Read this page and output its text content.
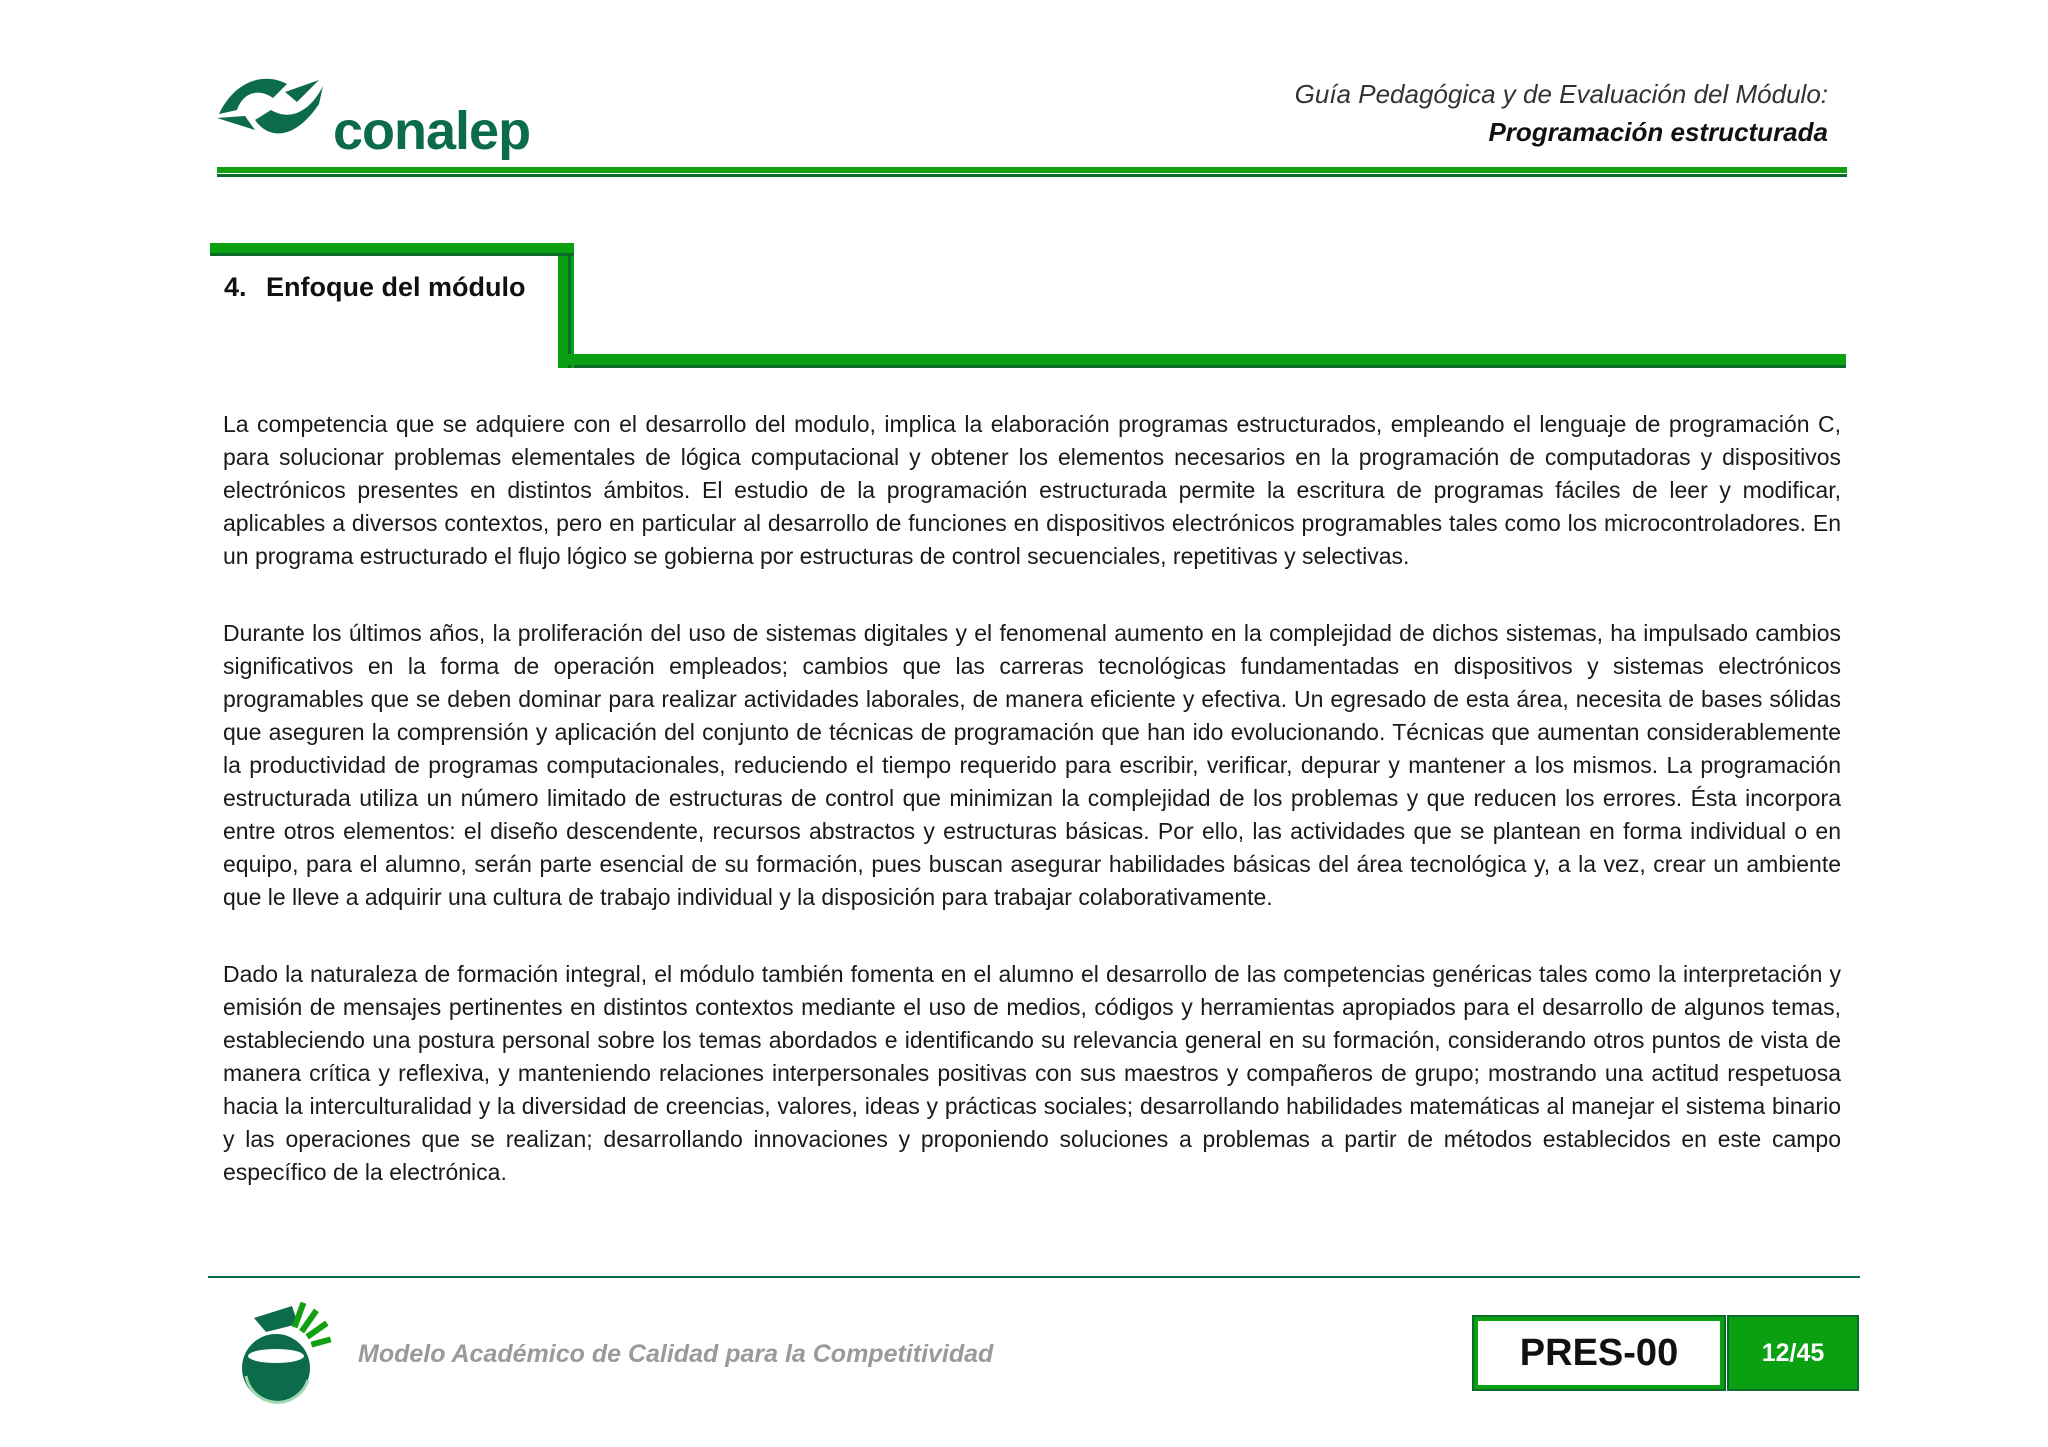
conalep
Guía Pedagógica y de Evaluación del Módulo:
Programación estructurada
4. Enfoque del módulo

La competencia que se adquiere con el desarrollo del modulo, implica la elaboración programas estructurados, empleando el lenguaje de programación C, para solucionar problemas elementales de lógica computacional y obtener los elementos necesarios en la programación de computadoras y dispositivos electrónicos presentes en distintos ámbitos. El estudio de la programación estructurada permite la escritura de programas fáciles de leer y modificar, aplicables a diversos contextos, pero en particular al desarrollo de funciones en dispositivos electrónicos programables tales como los microcontroladores. En un programa estructurado el flujo lógico se gobierna por estructuras de control secuenciales, repetitivas y selectivas.

Durante los últimos años, la proliferación del uso de sistemas digitales y el fenomenal aumento en la complejidad de dichos sistemas, ha impulsado cambios significativos en la forma de operación empleados; cambios que las carreras tecnológicas fundamentadas en dispositivos y sistemas electrónicos programables que se deben dominar para realizar actividades laborales, de manera eficiente y efectiva. Un egresado de esta área, necesita de bases sólidas que aseguren la comprensión y aplicación del conjunto de técnicas de programación que han ido evolucionando. Técnicas que aumentan considerablemente la productividad de programas computacionales, reduciendo el tiempo requerido para escribir, verificar, depurar y mantener a los mismos. La programación estructurada utiliza un número limitado de estructuras de control que minimizan la complejidad de los problemas y que reducen los errores. Ésta incorpora entre otros elementos: el diseño descendente, recursos abstractos y estructuras básicas. Por ello, las actividades que se plantean en forma individual o en equipo, para el alumno, serán parte esencial de su formación, pues buscan asegurar habilidades básicas del área tecnológica y, a la vez, crear un ambiente que le lleve a adquirir una cultura de trabajo individual y la disposición para trabajar colaborativamente.

Dado la naturaleza de formación integral, el módulo también fomenta en el alumno el desarrollo de las competencias genéricas tales como la interpretación y emisión de mensajes pertinentes en distintos contextos mediante el uso de medios, códigos y herramientas apropiados para el desarrollo de algunos temas, estableciendo una postura personal sobre los temas abordados e identificando su relevancia general en su formación, considerando otros puntos de vista de manera crítica y reflexiva, y manteniendo relaciones interpersonales positivas con sus maestros y compañeros de grupo; mostrando una actitud respetuosa hacia la interculturalidad y la diversidad de creencias, valores, ideas y prácticas sociales; desarrollando habilidades matemáticas al manejar el sistema binario y las operaciones que se realizan; desarrollando innovaciones y proponiendo soluciones a problemas a partir de métodos establecidos en este campo específico de la electrónica.

Modelo Académico de Calidad para la Competitividad	PRES-00	12/45
